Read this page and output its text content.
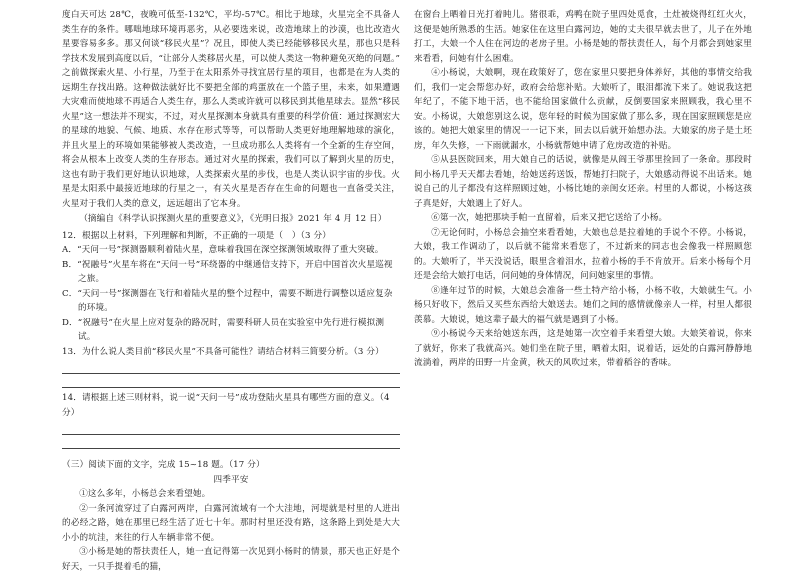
度白天可达 28℃，夜晚可低至-132℃，平均-57℃。相比于地球，火星完全不具备人类生存的条件。哪咄地球环境再恶劣，从必要选来说，改造地球上的沙漠，也比改造火星要容易多多。那又何谈“移民火星”？况且，即使人类已经能够移民火星，那也只是科学技术发展到高度以后，“让部分人类移居火星，可以使人类这一物种避免灭绝的问题。” 之前做探索火星、小行星，乃至于在太阳系外寻找宜居行星的项目，也都是在为人类的远期生存找出路。这种做法就好比不要把全部的鸡蛋放在一个篮子里，未来，如果遭遇大灾难而使地球不再适合人类生存，那么人类或许就可以移民到其他星球去。显然“移民火星”这一想法并不现实，不过，对火星探测本身就具有重要的科学价值：通过探测宏大的星球的地貌、气候、地质、水存在形式等等，可以帮助人类更好地理解地球的演化，并且火星上的环境如果能够被人类改造，一旦成功那么人类将有一个全新的生存空间，将会从根本上改变人类的生存形态。通过对火星的探索，我们可以了解到火星的历史，这也有助于我们更好地认识地球，人类探索火星的步伐，也是人类认识宇宙的步伐。火星是太阳系中最接近地球的行星之一，有关火星是否存在生命的问题也一直备受关注，火星对于我们人类的意义，远远超出了它本身。

（摘编自《科学认识探测火星的重要意义》，《光明日报》2021 年 4 月 12 日）

12．根据以上材料，下列理解和判断，不正确的一项是（　）（3 分）

A．“天问一号”探测器顺利着陆火星，意味着我国在深空探测领域取得了重大突破。

B．“祝融号”火星车将在“天问一号”环绕器的中继通信支持下，开启中国首次火星巡视之旅。

C．“天问一号”探测器在飞行和着陆火星的整个过程中，需要不断进行调整以适应复杂的环境。

D．“祝融号”在火星上应对复杂的路况时，需要科研人员在实验室中先行进行模拟测试。

13．为什么说人类目前“移民火星”不具备可能性？请结合材料三简要分析。（3 分）

14．请根据上述三则材料，说一说“天问一号”成功登陆火星具有哪些方面的意义。（4 分）

（三）阅读下面的文字，完成 15~18 题。（17 分）

四季平安

①这么多年，小杨总会来看望她。

②一条河流穿过了白露河两岸，白露河流域有一个大洼地，河堤就是村里的人进出的必经之路，她在那里已经生活了近七十年。那时村里还没有路，这条路上到处是大大小小的坑洼，来往的行人车辆非常不便。

③小杨是她的帮扶责任人，她一直记得第一次见到小杨时的情景，那天也正好是个好天，一只手提着毛的猫，

在窗台上晒着日光打着盹儿。猪很乖，鸡鸭在院子里四处觅食，土灶被烧得红红火火，这便是她所熟悉的生活。她家住在这里白露河边，她的丈夫很早就去世了，儿子在外地打工，大娘一个人住在河边的老房子里。小杨是她的帮扶责任人，每个月都会到她家里来看看，问她有什么困难。

④小杨说，大娘啊，现在政策好了，您在家里只要把身体养好，其他的事情交给我们，我们一定会帮您办好，政府会给您补贴。大娘听了，眼泪都流下来了。她说我这把年纪了，不能下地干活，也不能给国家做什么贡献，反倒要国家来照顾我，我心里不安。小杨说，大娘您别这么说，您年轻的时候为国家做了那么多，现在国家照顾您是应该的。她把大娘家里的情况一一记下来，回去以后就开始想办法。大娘家的房子是土坯房，年久失修，一下雨就漏水，小杨就帮她申请了危房改造的补贴。

⑤从县医院回来，用大娘自己的话说，就像是从阎王爷那里捡回了一条命。那段时间小杨几乎天天都去看她，给她送药送饭，帮她打扫院子，大娘感动得说不出话来。她说自己的儿子都没有这样照顾过她，小杨比她的亲闺女还亲。村里的人都说，小杨这孩子真是好，大娘遇上了好人。

⑥第一次，她把那块手帕一直留着，后来又把它送给了小杨。

⑦无论何时，小杨总会抽空来看看她，大娘也总是拉着她的手说个不停。小杨说，大娘，我工作调动了，以后就不能常来看您了，不过新来的同志也会像我一样照顾您的。大娘听了，半天没说话，眼里含着泪水，拉着小杨的手不肯放开。后来小杨每个月还是会给大娘打电话，问问她的身体情况，问问她家里的事情。

⑧逢年过节的时候，大娘总会准备一些土特产给小杨，小杨不收，大娘就生气。小杨只好收下，然后又买些东西给大娘送去。她们之间的感情就像亲人一样，村里人都很羡慕。大娘说，她这辈子最大的福气就是遇到了小杨。

⑨小杨说今天来给她送东西，这是她第一次空着手来看望大娘。大娘笑着说，你来了就好，你来了我就高兴。她们坐在院子里，晒着太阳，说着话，远处的白露河静静地流淌着，两岸的田野一片金黄，秋天的风吹过来，带着稻谷的香味。
